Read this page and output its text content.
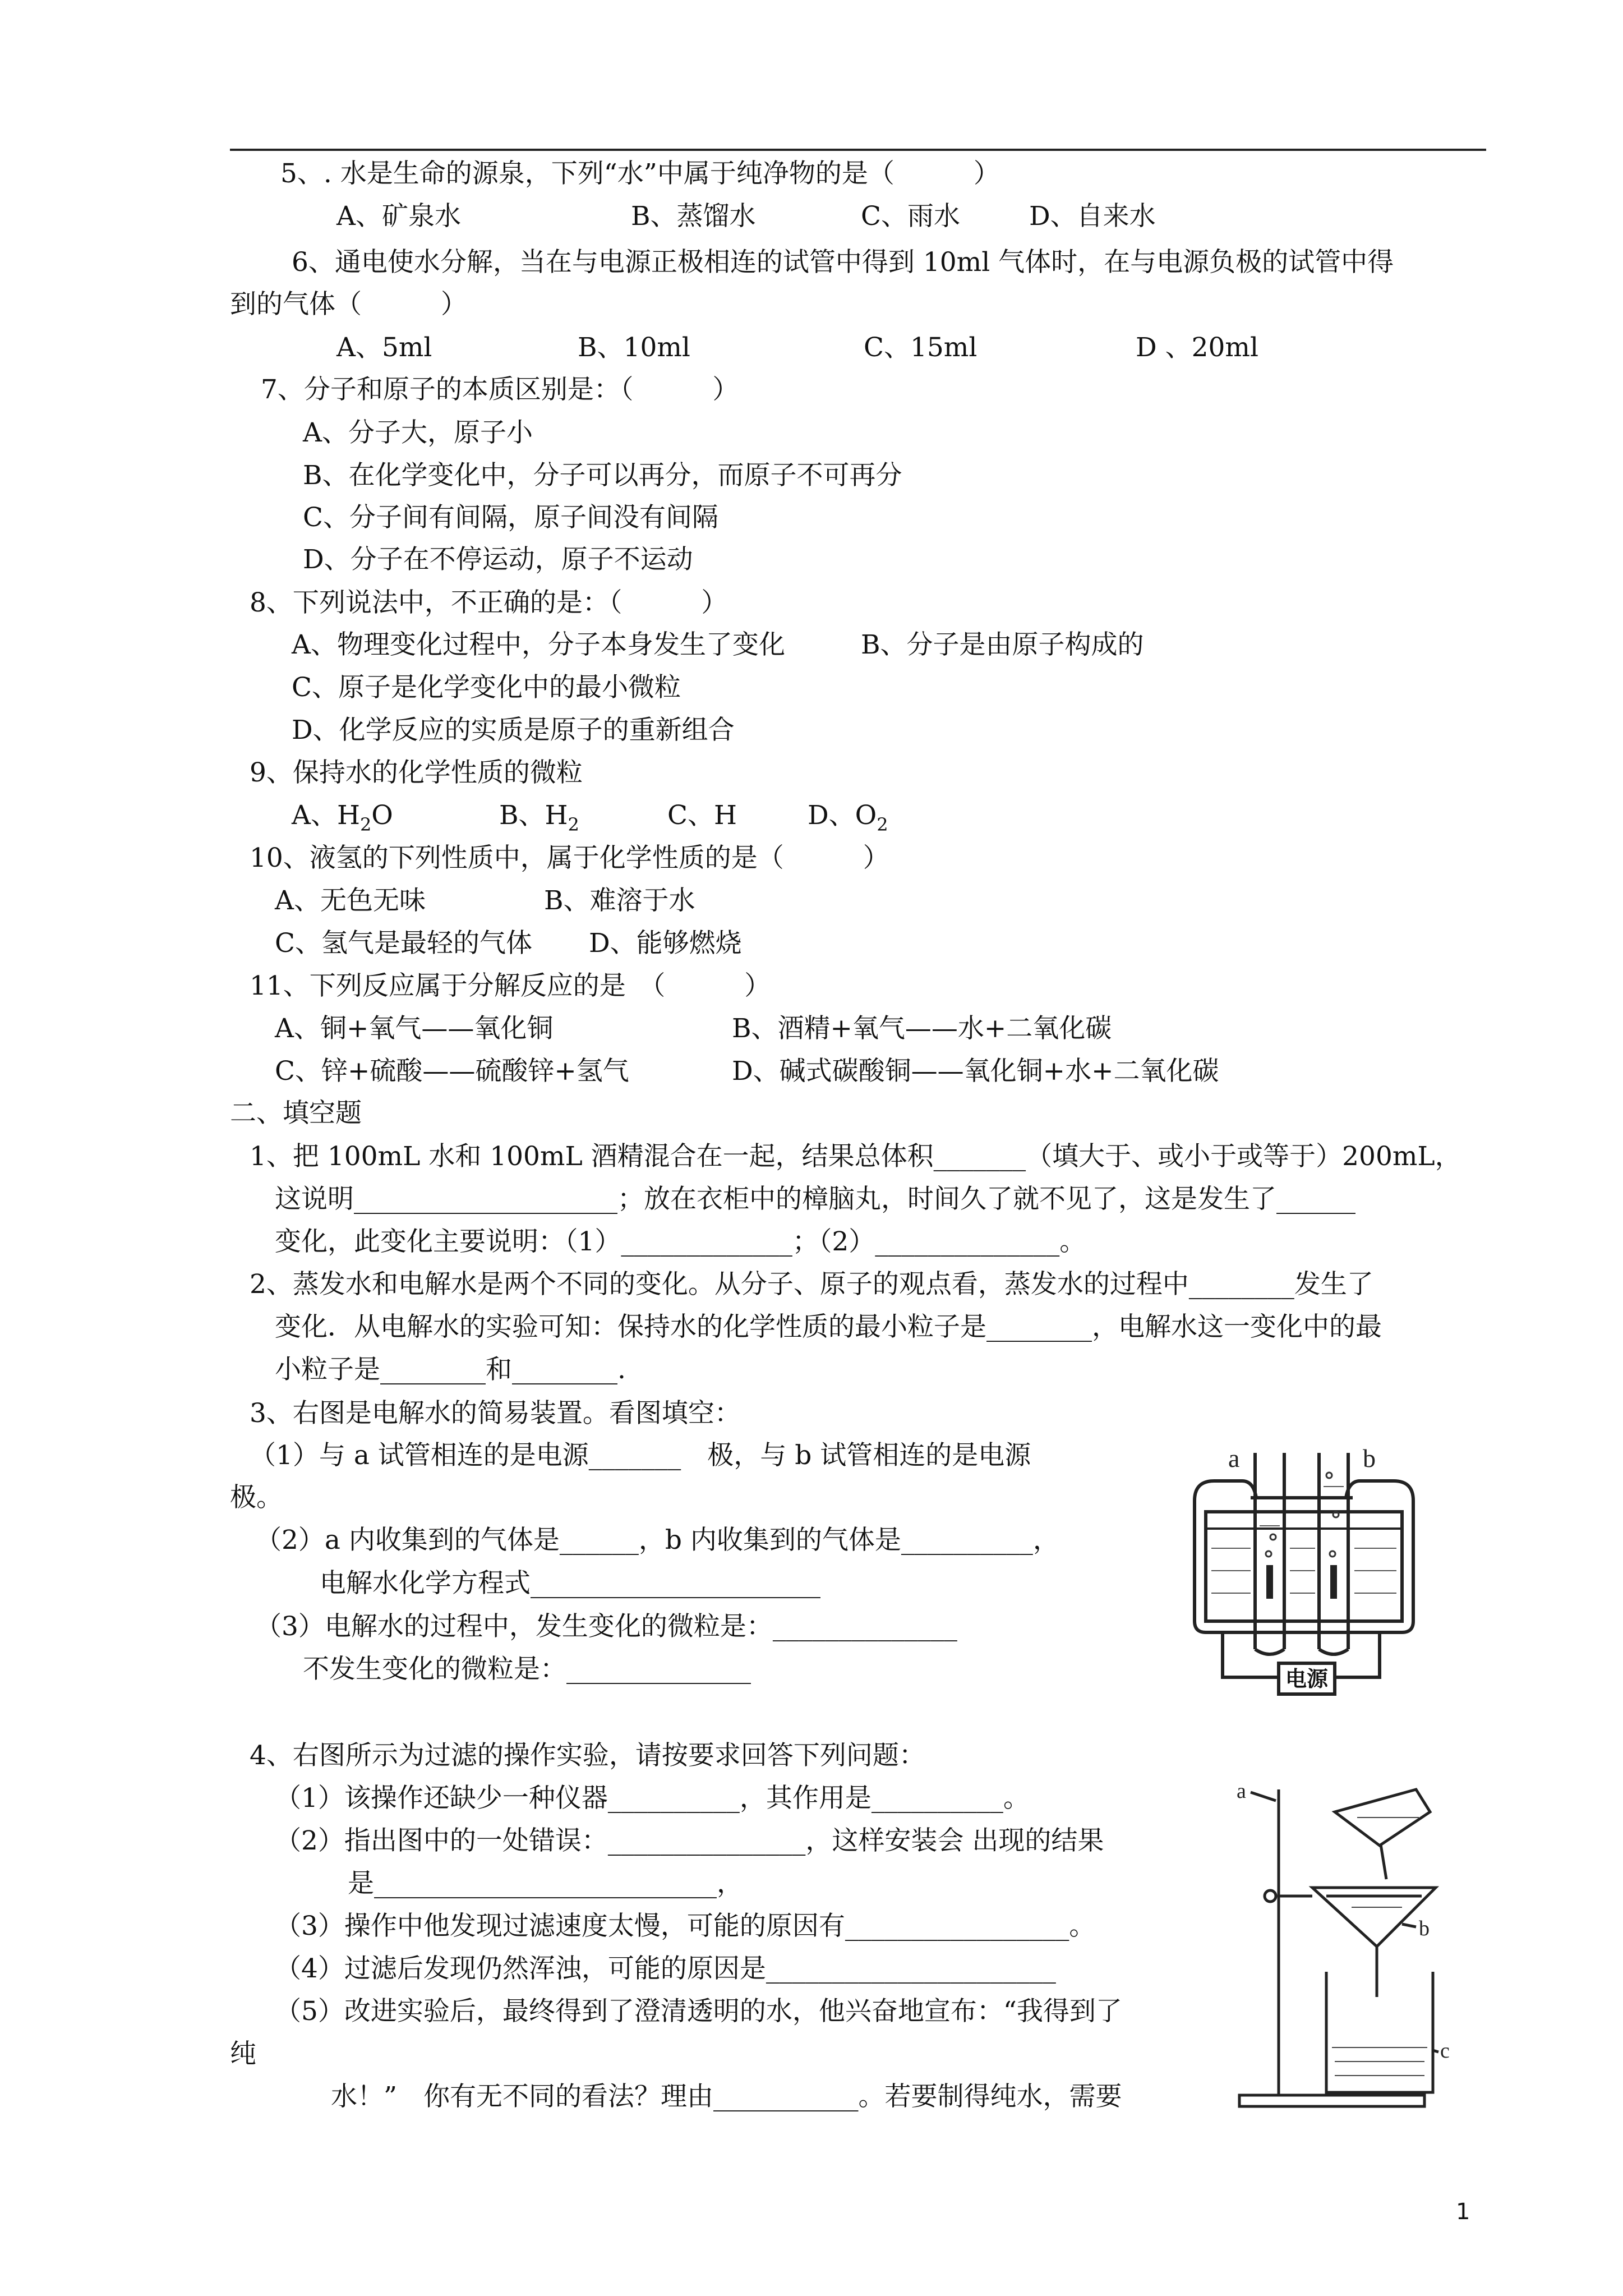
5、. 水是生命的源泉，下列“水”中属于纯净物的是（　　　）
A、矿泉水	B、蒸馏水	C、雨水	D、自来水
6、通电使水分解，当在与电源正极相连的试管中得到 10ml 气体时，在与电源负极的试管中得
到的气体（　　　）
A、5ml	B、10ml	C、15ml	D 、20ml
7、分子和原子的本质区别是：（　　　）
A、分子大，原子小
B、在化学变化中，分子可以再分，而原子不可再分
C、分子间有间隔，原子间没有间隔
D、分子在不停运动，原子不运动
8、下列说法中，不正确的是：（　　　）
A、物理变化过程中，分子本身发生了变化	B、分子是由原子构成的
C、原子是化学变化中的最小微粒
D、化学反应的实质是原子的重新组合
9、保持水的化学性质的微粒
A、$H_2O$	B、$H_2$	C、H	D、$O_2$
10、液氢的下列性质中，属于化学性质的是（　　　）
A、无色无味	B、难溶于水
C、氢气是最轻的气体 D、能够燃烧
11、下列反应属于分解反应的是　（　　　）
A、铜+氧气——氧化铜	B、酒精+氧气——水+二氧化碳
C、锌+硫酸——硫酸锌+氢气	D、碱式碳酸铜——氧化铜+水+二氧化碳
二、填空题
1、把 100mL 水和 100mL 酒精混合在一起，结果总体积_______（填大于、或小于或等于）200mL，
这说明____________________；放在衣柜中的樟脑丸，时间久了就不见了，这是发生了______
变化，此变化主要说明：（1）_____________；（2）______________。
2、蒸发水和电解水是两个不同的变化。从分子、原子的观点看，蒸发水的过程中________发生了
变化．从电解水的实验可知：保持水的化学性质的最小粒子是________，电解水这一变化中的最
小粒子是________和________.
3、右图是电解水的简易装置。看图填空：
（1）与 a 试管相连的是电源_______　极，与 b 试管相连的是电源
极。
（2）a 内收集到的气体是______，b 内收集到的气体是__________，
电解水化学方程式______________________
（3）电解水的过程中，发生变化的微粒是：______________
不发生变化的微粒是：______________
a	b
电源
4、右图所示为过滤的操作实验，请按要求回答下列问题：
（1）该操作还缺少一种仪器__________，其作用是__________。
（2）指出图中的一处错误：_______________，这样安装会 出现的结果
是__________________________，
（3）操作中他发现过滤速度太慢，可能的原因有_________________。
（4）过滤后发现仍然浑浊，可能的原因是______________________
（5）改进实验后，最终得到了澄清透明的水，他兴奋地宣布：“我得到了
纯
水！”　你有无不同的看法？理由___________。若要制得纯水，需要
a
b
c
1
